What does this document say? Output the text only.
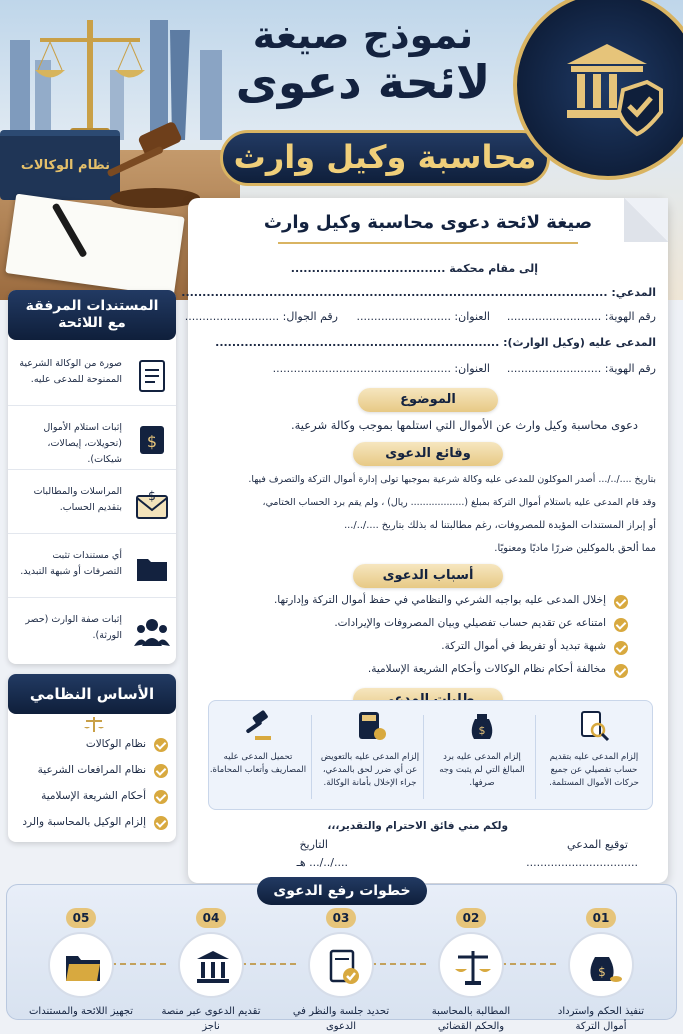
نظام الوكالات
نموذج صيغة
لائحة دعوى
محاسبة وكيل وارث
صيغة لائحة دعوى محاسبة وكيل وارث
إلى مقام محكمة .....................................
المدعي: ......................................................................................................
رقم الهوية: ...........................
العنوان: ...........................
رقم الجوال: ...........................
المدعى عليه (وكيل الوارث): ....................................................................
رقم الهوية: ...........................
العنوان: ...................................................
الموضوع
دعوى محاسبة وكيل وارث عن الأموال التي استلمها بموجب وكالة شرعية.
وقائع الدعوى
بتاريخ ..../../... أصدر الموكلون للمدعى عليه وكالة شرعية بموجبها تولى إدارة أموال التركة والتصرف فيها.
وقد قام المدعى عليه باستلام أموال التركة بمبلغ (.................. ريال) ، ولم يقم برد الحساب الختامي،
أو إبراز المستندات المؤيدة للمصروفات، رغم مطالبتنا له بذلك بتاريخ ..../../...
مما ألحق بالموكلين ضررًا ماديًا ومعنويًا.
أسباب الدعوى
إخلال المدعى عليه بواجبه الشرعي والنظامي في حفظ أموال التركة وإدارتها.
امتناعه عن تقديم حساب تفصيلي وبيان المصروفات والإيرادات.
شبهة تبديد أو تفريط في أموال التركة.
مخالفة أحكام نظام الوكالات وأحكام الشريعة الإسلامية.
إلزام المدعى عليه بتقديم حساب تفصيلي عن جميع حركات الأموال المستلمة.
$
إلزام المدعى عليه برد المبالغ التي لم يثبت وجه صرفها.
إلزام المدعى عليه بالتعويض عن أي ضرر لحق بالمدعي، جراء الإخلال بأمانة الوكالة.
تحميل المدعى عليه المصاريف وأتعاب المحاماة.
ولكم مني فائق الاحترام والتقدير،،،
توقيع المدعي
................................
التاريخ
..../../... هـ
المستندات المرفقة مع اللائحة
صورة من الوكالة الشرعية الممنوحة للمدعى عليه.
إثبات استلام الأموال (تحويلات، إيصالات، شيكات).
$
المراسلات والمطالبات بتقديم الحساب.
$
أي مستندات تثبت التصرفات أو شبهة التبديد.
إثبات صفة الوارث (حصر الورثة).
الأساس النظامي
نظام الوكالات
نظام المرافعات الشرعية
أحكام الشريعة الإسلامية
إلزام الوكيل بالمحاسبة والرد
خطوات رفع الدعوى
01
$
تنفيذ الحكم واسترداد أموال التركة
02
المطالبة بالمحاسبة والحكم القضائي
03
تحديد جلسة والنظر في الدعوى
04
تقديم الدعوى عبر منصة ناجز
05
تجهيز اللائحة والمستندات
